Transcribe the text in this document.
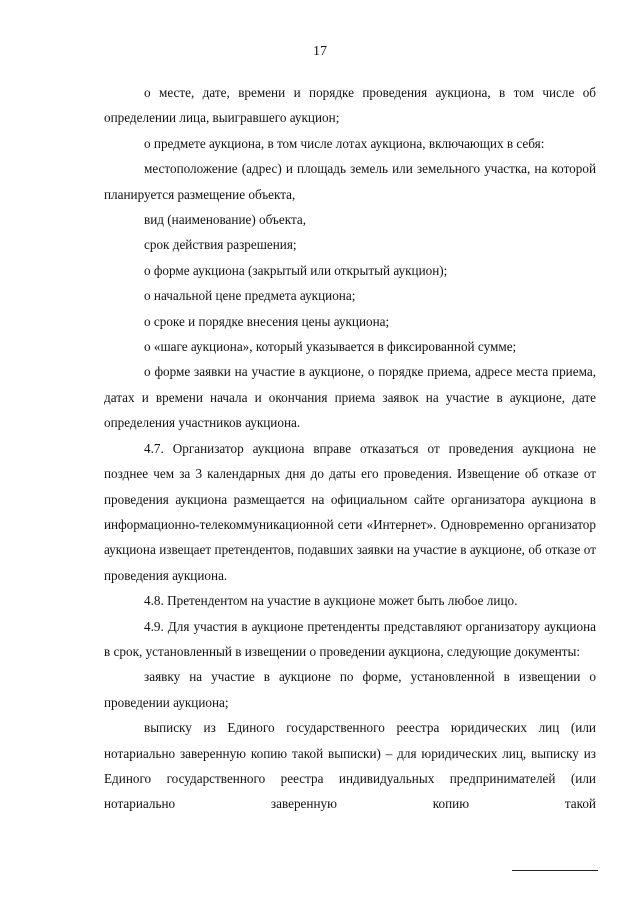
17

о месте, дате, времени и порядке проведения аукциона, в том числе об определении лица, выигравшего аукцион;

о предмете аукциона, в том числе лотах аукциона, включающих в себя:

местоположение (адрес) и площадь земель или земельного участка, на которой планируется размещение объекта,

вид (наименование) объекта,

срок действия разрешения;

о форме аукциона (закрытый или открытый аукцион);

о начальной цене предмета аукциона;

о сроке и порядке внесения цены аукциона;

о «шаге аукциона», который указывается в фиксированной сумме;

о форме заявки на участие в аукционе, о порядке приема, адресе места приема, датах и времени начала и окончания приема заявок на участие в аукционе, дате определения участников аукциона.

4.7. Организатор аукциона вправе отказаться от проведения аукциона не позднее чем за 3 календарных дня до даты его проведения. Извещение об отказе от проведения аукциона размещается на официальном сайте организатора аукциона в информационно-телекоммуникационной сети «Интернет». Одновременно организатор аукциона извещает претендентов, подавших заявки на участие в аукционе, об отказе от проведения аукциона.

4.8. Претендентом на участие в аукционе может быть любое лицо.

4.9. Для участия в аукционе претенденты представляют организатору аукциона в срок, установленный в извещении о проведении аукциона, следующие документы:

заявку на участие в аукционе по форме, установленной в извещении о проведении аукциона;

выписку из Единого государственного реестра юридических лиц (или нотариально заверенную копию такой выписки) – для юридических лиц, выписку из Единого государственного реестра индивидуальных предпринимателей (или нотариально заверенную копию такой
